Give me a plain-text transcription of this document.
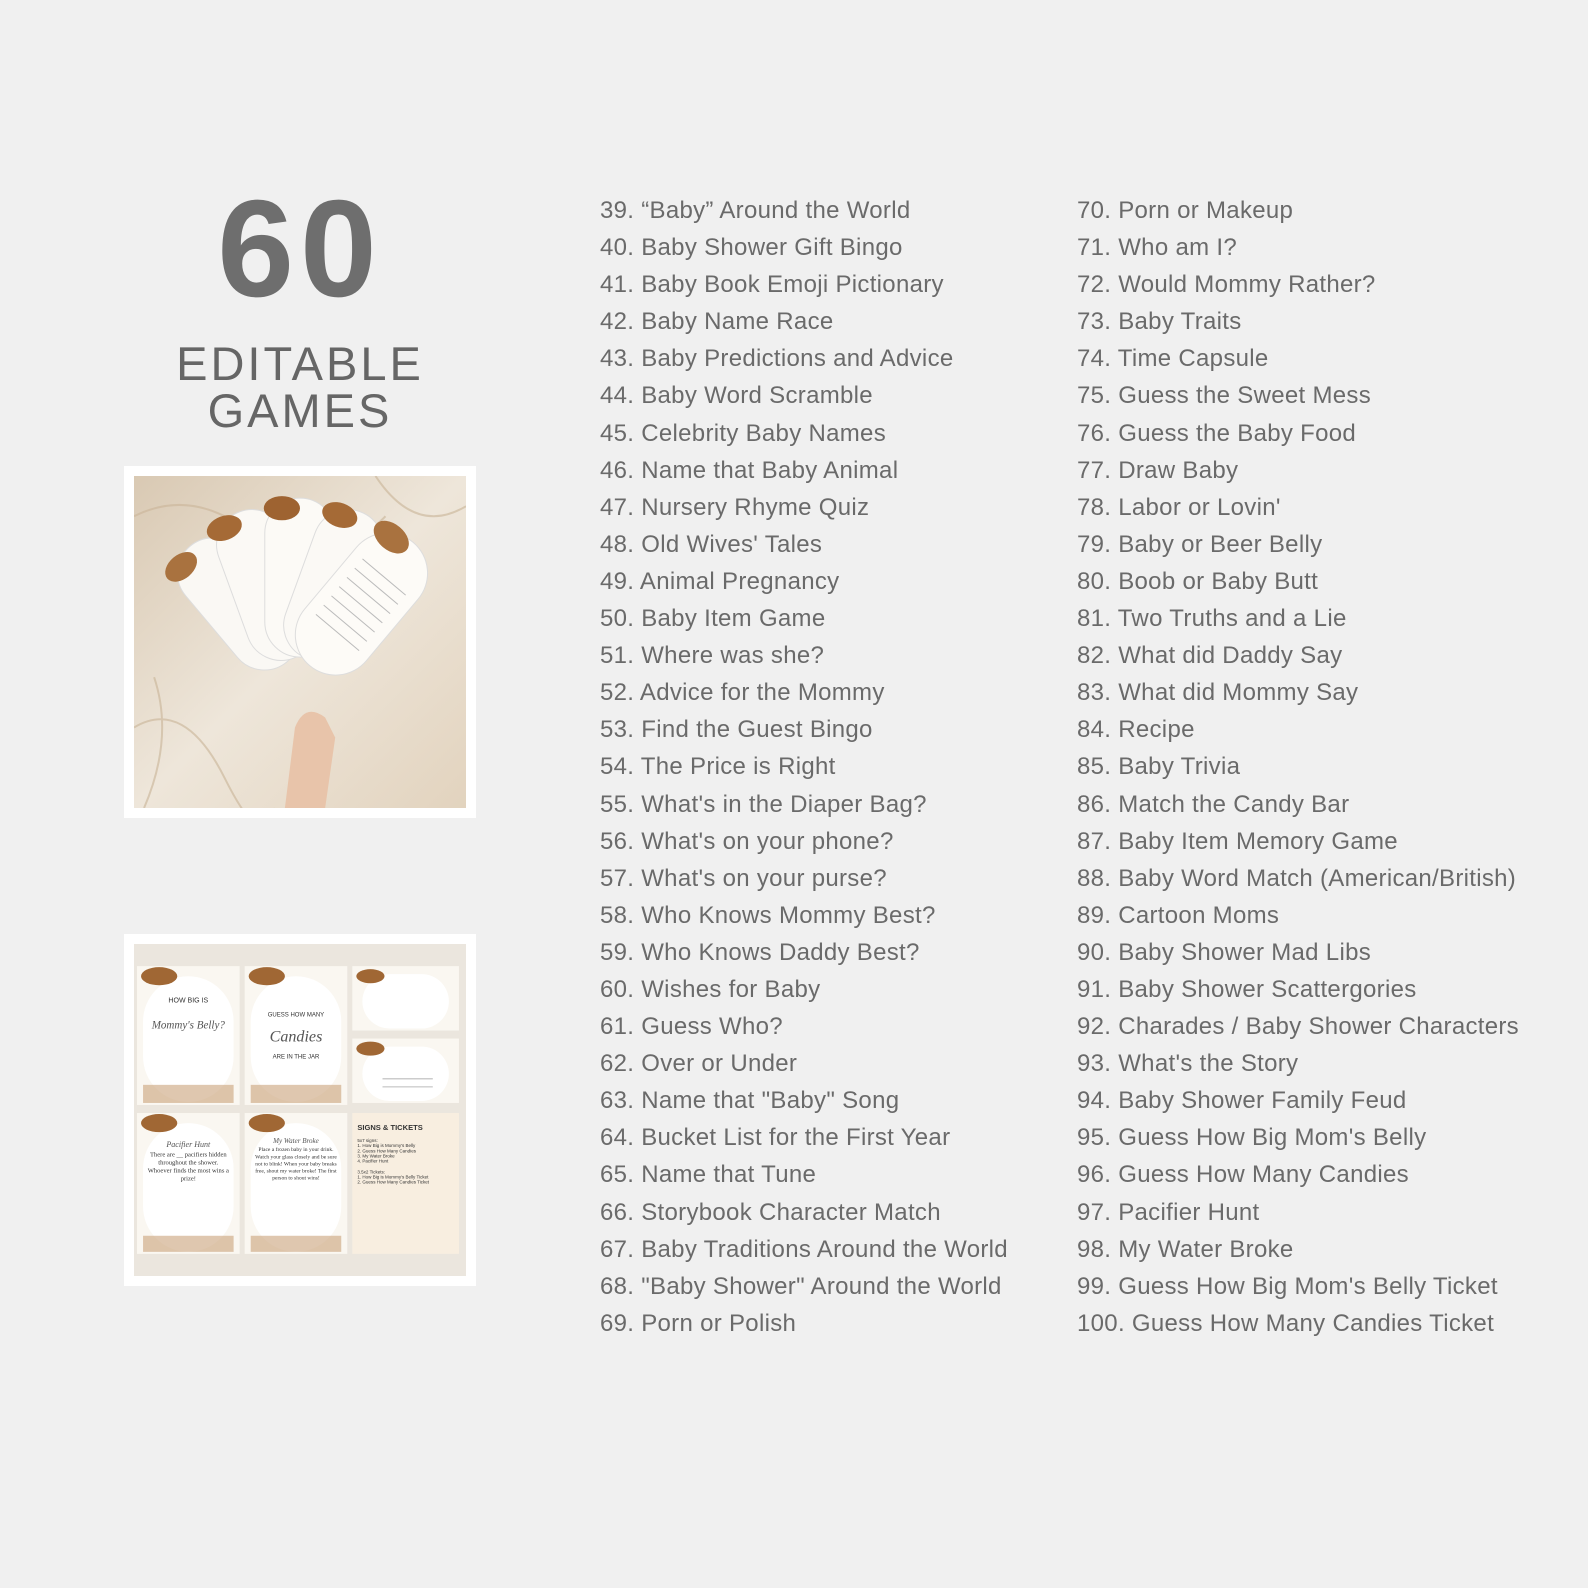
60
EDITABLE GAMES
HOW BIG IS
Mommy's Belly?
GUESS HOW MANY
Candies
ARE IN THE JAR
Pacifier Hunt
There are __ pacifiers hidden throughout the shower. Whoever finds the most wins a prize!
My Water Broke
Place a frozen baby in your drink. Watch your glass closely and be sure not to blink! When your baby breaks free, shout my water broke! The first person to shout wins!
SIGNS & TICKETS
5x7 signs:
1. How Big is Mommy's Belly
2. Guess How Many Candies
3. My Water Broke
4. Pacifier Hunt
3.5x2 Tickets:
1. How Big is Mommy's Belly Ticket
2. Guess How Many Candies Ticket
39. “Baby” Around the World
40. Baby Shower Gift Bingo
41. Baby Book Emoji Pictionary
42. Baby Name Race
43. Baby Predictions and Advice
44. Baby Word Scramble
45. Celebrity Baby Names
46. Name that Baby Animal
47. Nursery Rhyme Quiz
48. Old Wives' Tales
49. Animal Pregnancy
50. Baby Item Game
51. Where was she?
52. Advice for the Mommy
53. Find the Guest Bingo
54. The Price is Right
55. What's in the Diaper Bag?
56. What's on your phone?
57. What's on your purse?
58. Who Knows Mommy Best?
59. Who Knows Daddy Best?
60. Wishes for Baby
61. Guess Who?
62. Over or Under
63. Name that "Baby" Song
64. Bucket List for the First Year
65. Name that Tune
66. Storybook Character Match
67. Baby Traditions Around the World
68. "Baby Shower" Around the World
69. Porn or Polish
70. Porn or Makeup
71. Who am I?
72. Would Mommy Rather?
73. Baby Traits
74. Time Capsule
75. Guess the Sweet Mess
76. Guess the Baby Food
77. Draw Baby
78. Labor or Lovin'
79. Baby or Beer Belly
80. Boob or Baby Butt
81. Two Truths and a Lie
82. What did Daddy Say
83. What did Mommy Say
84. Recipe
85. Baby Trivia
86. Match the Candy Bar
87. Baby Item Memory Game
88. Baby Word Match (American/British)
89. Cartoon Moms
90. Baby Shower Mad Libs
91. Baby Shower Scattergories
92. Charades / Baby Shower Characters
93. What's the Story
94. Baby Shower Family Feud
95. Guess How Big Mom's Belly
96. Guess How Many Candies
97. Pacifier Hunt
98. My Water Broke
99. Guess How Big Mom's Belly Ticket
100. Guess How Many Candies Ticket
